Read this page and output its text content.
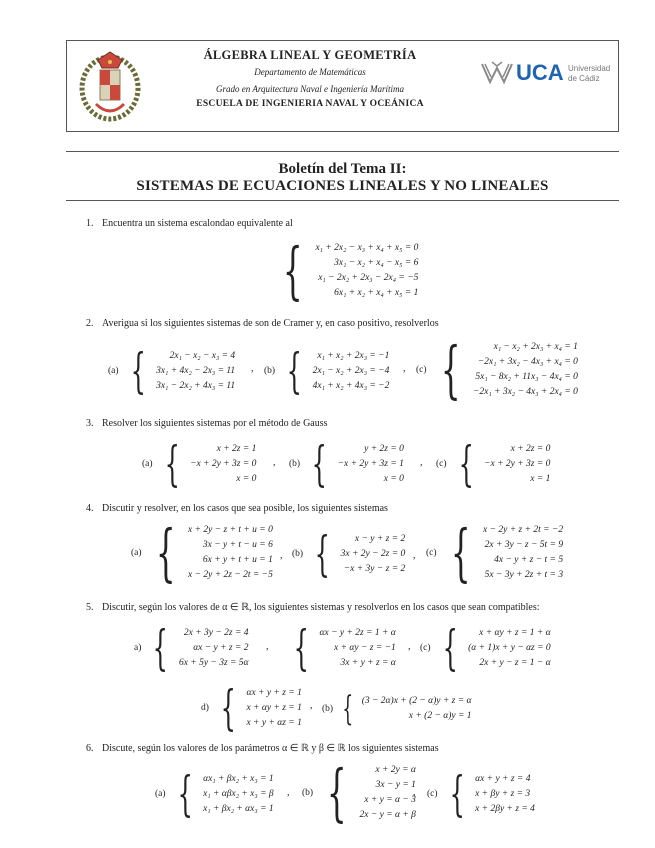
ÁLGEBRA LINEAL Y GEOMETRÍA
Departamento de Matemáticas
Grado en Arquitectura Naval e Ingeniería Marítima
ESCUELA DE INGENIERIA NAVAL Y OCEÁNICA
UCA Universidad
de Cádiz
Boletín del Tema II:
SISTEMAS DE ECUACIONES LINEALES Y NO LINEALES
1. Encuentra un sistema escalondao equivalente al
{ x₁ + 2x₂ − x₃ + x₄ + x₅ = 0
3x₁ − x₂ + x₄ − x₅ = 6
x₁ − 2x₂ + 2x₃ − 2x₄ = −5
6x₁ + x₂ + x₄ + x₅ = 1
2. Averigua si los siguientes sistemas de son de Cramer y, en caso positivo, resolverlos
(a) {	2x₁ − x₂ − x₃ = 4
3x₁ + 4x₂ − 2x₃ = 11
3x₁ − 2x₂ + 4x₃ = 11
, (b) {	x₁ + x₂ + 2x₃ = −1
2x₁ − x₂ + 2x₃ = −4
4x₁ + x₂ + 4x₃ = −2
, (c) {	x₁ − x₂ + 2x₃ + x₄ = 1
−2x₁ + 3x₂ − 4x₃ + x₄ = 0
5x₁ − 8x₂ + 11x₃ − 4x₄ = 0
−2x₁ + 3x₂ − 4x₃ + 2x₄ = 0
3. Resolver los siguientes sistemas por el método de Gauss
(a) {	x + 2z = 1
−x + 2y + 3z = 0
x = 0
, (b) {	y + 2z = 0
−x + 2y + 3z = 1
x = 0
, (c) {	x + 2z = 0
−x + 2y + 3z = 0
x = 1
4. Discutir y resolver, en los casos que sea posible, los siguientes sistemas
(a) { x + 2y − z + t + u = 0
3x − y + t − u = 6
6x + y + t + u = 1
x − 2y + 2z − 2t = −5
, (b) {	x − y + z = 2
3x + 2y − 2z = 0
−x + 3y − z = 2
, (c) { x − 2y + z + 2t = −2
2x + 3y − z − 5t = 9
4x − y + z − t = 5
5x − 3y + 2z + t = 3
5. Discutir, según los valores de α ∈ ℝ, los siguientes sistemas y resolverlos en los casos que sean compatibles:
a) {	2x + 3y − 2z = 4
αx − y + z = 2
6x + 5y − 3z = 5α
, { αx − y + 2z = 1 + α
x + αy − z = −1
3x + y + z = α
, (c) {	x + αy + z = 1 + α
(α + 1)x + y − αz = 0
2x + y − z = 1 − α
d) { αx + y + z = 1
x + αy + z = 1
x + y + αz = 1
, (b) { (3 − 2α)x + (2 − α)y + z = α
x + (2 − α)y = 1
6. Discute, según los valores de los parámetros α ∈ ℝ y β ∈ ℝ los siguientes sistemas
(a) { αx₁ + βx₂ + x₃ = 1
x₁ + αβx₂ + x₃ = β
x₁ + βx₂ + αx₃ = 1
, (b) {	x + 2y = α
3x − y = 1
x + y = α − 3
2x − y = α + β
, (c) { αx + y + z = 4
x + βy + z = 3
x + 2βy + z = 4
